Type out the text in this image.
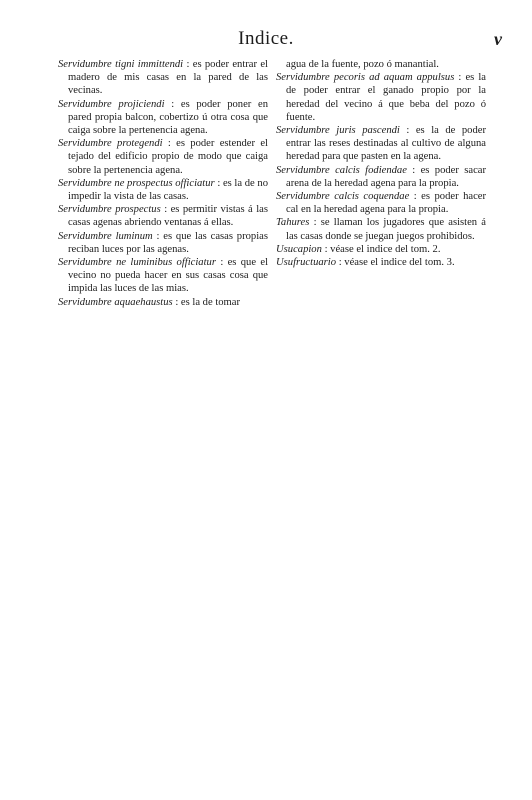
Indice.	v

Servidumbre tigni immittendi : es poder entrar el madero de mis casas en la pared de las vecinas.

Servidumbre projiciendi : es poder poner en pared propia balcon, cobertizo ú otra cosa que caiga sobre la pertenencia agena.

Servidumbre protegendi : es poder estender el tejado del edificio propio de modo que caiga sobre la pertenencia agena.

Servidumbre ne prospectus officiatur : es la de no impedir la vista de las casas.

Servidumbre prospectus : es permitir vistas á las casas agenas abriendo ventanas á ellas.

Servidumbre luminum : es que las casas propias reciban luces por las agenas.

Servidumbre ne luminibus officiatur : es que el vecino no pueda hacer en sus casas cosa que impida las luces de las mias.

Servidumbre aquaehaustus : es la de tomar

agua de la fuente, pozo ó manantial.

Servidumbre pecoris ad aquam appulsus : es la de poder entrar el ganado propio por la heredad del vecino á que beba del pozo ó fuente.

Servidumbre juris pascendi : es la de poder entrar las reses destinadas al cultivo de alguna heredad para que pasten en la agena.

Servidumbre calcis fodiendae : es poder sacar arena de la heredad agena para la propia.

Servidumbre calcis coquendae : es poder hacer cal en la heredad agena para la propia.

Tahures : se llaman los jugadores que asisten á las casas donde se juegan juegos prohibidos.

Usucapion : véase el indice del tom. 2.

Usufructuario : véase el indice del tom. 3.
